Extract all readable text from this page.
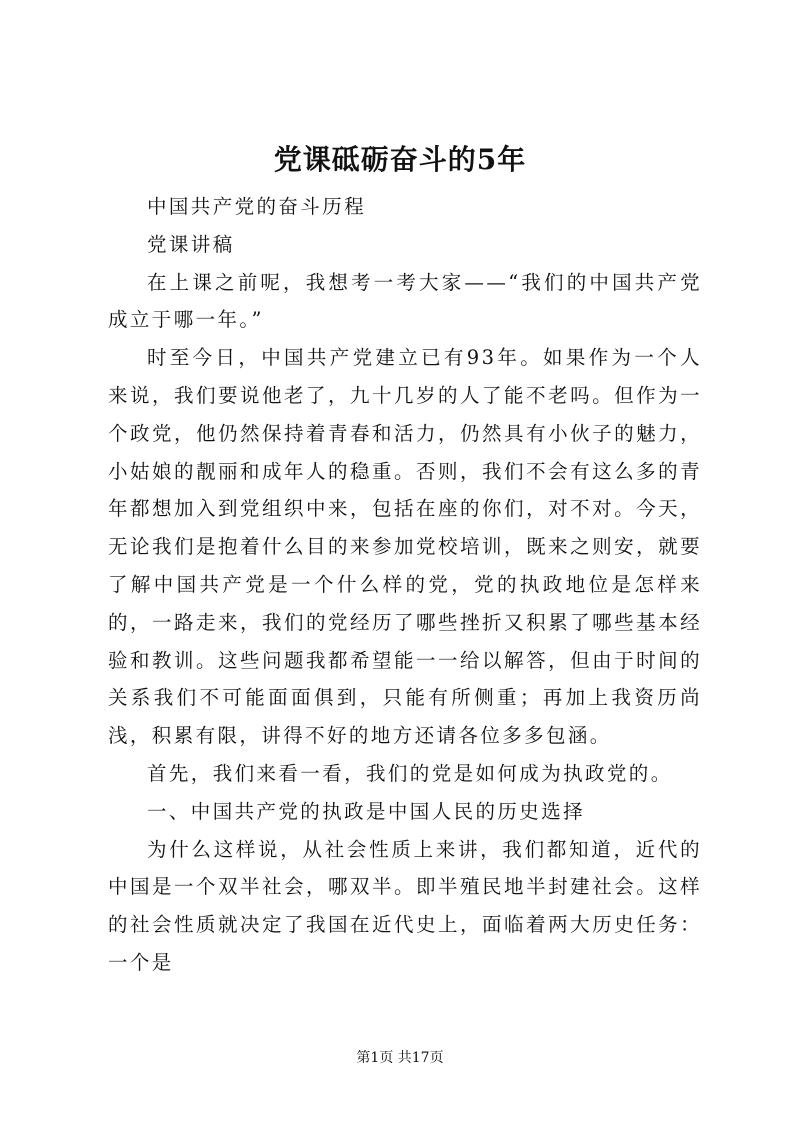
党课砥砺奋斗的5年

中国共产党的奋斗历程

党课讲稿

在上课之前呢，我想考一考大家——“我们的中国共产党成立于哪一年。”

时至今日，中国共产党建立已有93年。如果作为一个人来说，我们要说他老了，九十几岁的人了能不老吗。但作为一个政党，他仍然保持着青春和活力，仍然具有小伙子的魅力，小姑娘的靓丽和成年人的稳重。否则，我们不会有这么多的青年都想加入到党组织中来，包括在座的你们，对不对。今天，无论我们是抱着什么目的来参加党校培训，既来之则安，就要了解中国共产党是一个什么样的党，党的执政地位是怎样来的，一路走来，我们的党经历了哪些挫折又积累了哪些基本经验和教训。这些问题我都希望能一一给以解答，但由于时间的关系我们不可能面面俱到，只能有所侧重；再加上我资历尚浅，积累有限，讲得不好的地方还请各位多多包涵。

首先，我们来看一看，我们的党是如何成为执政党的。

一、中国共产党的执政是中国人民的历史选择

为什么这样说，从社会性质上来讲，我们都知道，近代的中国是一个双半社会，哪双半。即半殖民地半封建社会。这样的社会性质就决定了我国在近代史上，面临着两大历史任务：一个是

第1页 共17页
